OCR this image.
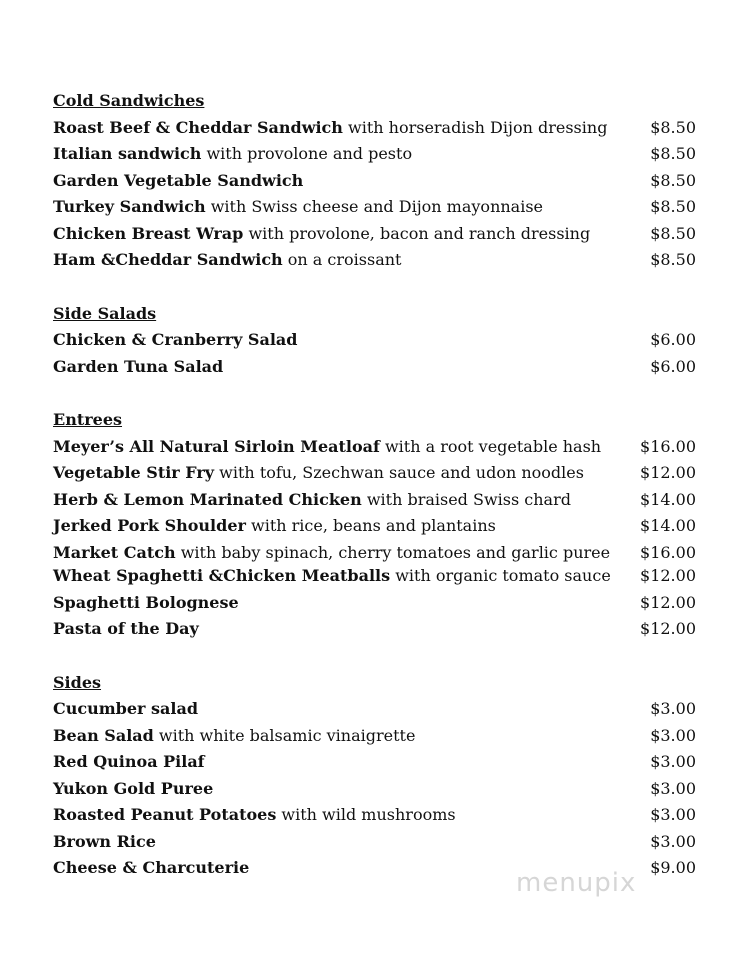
Cold Sandwiches
Roast Beef & Cheddar Sandwich with horseradish Dijon dressing	$8.50
Italian sandwich with provolone and pesto	$8.50
Garden Vegetable Sandwich	$8.50
Turkey Sandwich with Swiss cheese and Dijon mayonnaise	$8.50
Chicken Breast Wrap with provolone, bacon and ranch dressing	$8.50
Ham &Cheddar Sandwich on a croissant	$8.50
Side Salads
Chicken & Cranberry Salad	$6.00
Garden Tuna Salad	$6.00
Entrees
Meyer’s All Natural Sirloin Meatloaf with a root vegetable hash $16.00
Vegetable Stir Fry with tofu, Szechwan sauce and udon noodles	$12.00
Herb & Lemon Marinated Chicken with braised Swiss chard	$14.00
Jerked Pork Shoulder with rice, beans and plantains	$14.00
Market Catch with baby spinach, cherry tomatoes and garlic puree $16.00
Wheat Spaghetti &Chicken Meatballs with organic tomato sauce $12.00
Spaghetti Bolognese	$12.00
Pasta of the Day	$12.00
Sides
Cucumber salad	$3.00
Bean Salad with white balsamic vinaigrette	$3.00
Red Quinoa Pilaf	$3.00
Yukon Gold Puree	$3.00
Roasted Peanut Potatoes with wild mushrooms	$3.00
Brown Rice	$3.00
Cheese & Charcuterie	$9.00
menupix
